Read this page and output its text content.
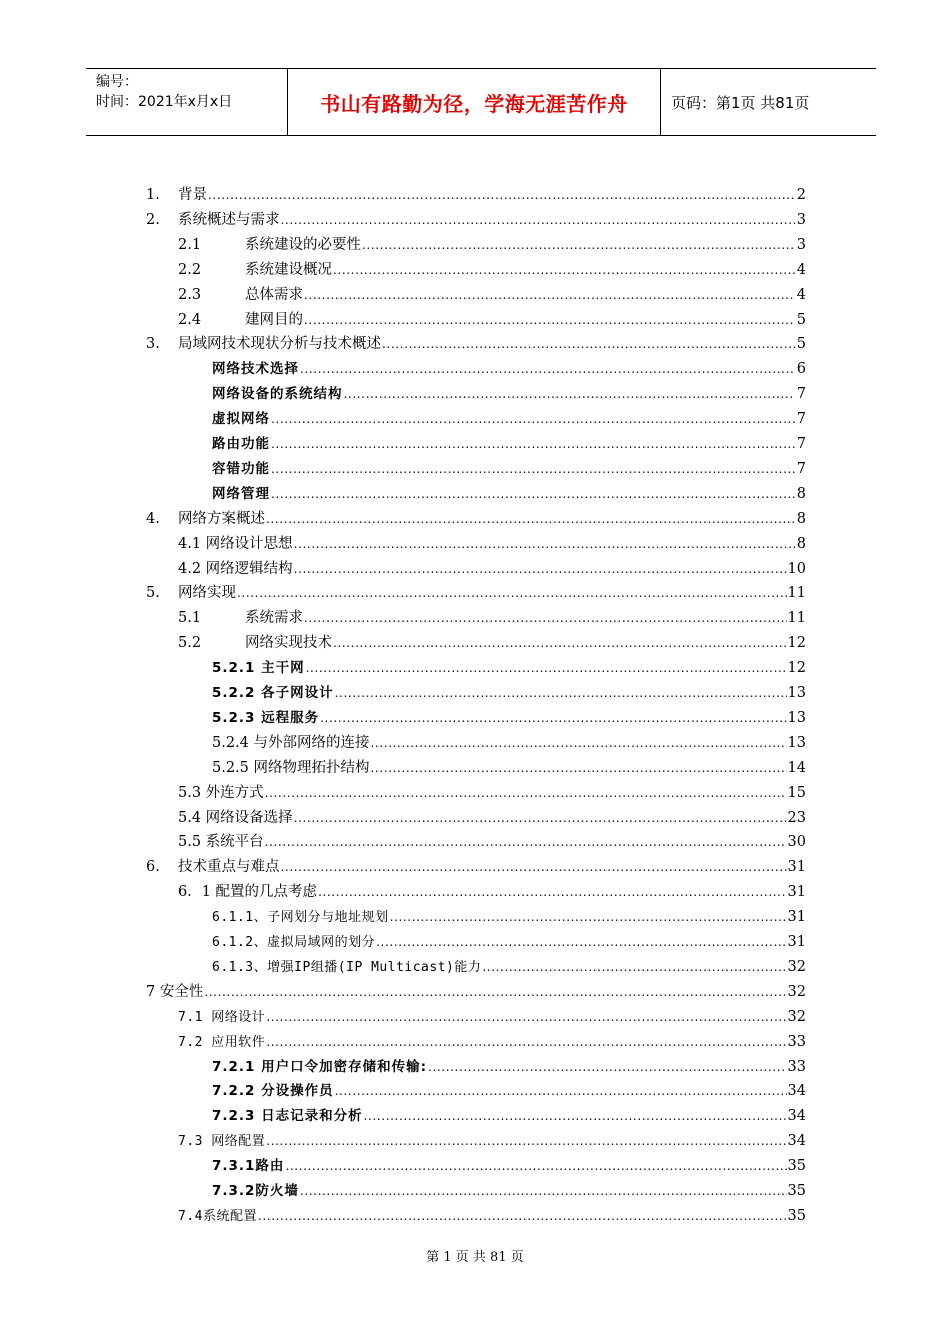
编号：
时间：2021年x月x日	书山有路勤为径，学海无涯苦作舟	页码：第1页 共81页
1.	背景 .....	2
2.	系统概述与需求 .....	3
2.1	系统建设的必要性 .....	3
2.2	系统建设概况 .....	4
2.3	总体需求 .....	4
2.4	建网目的 .....	5
3.	局域网技术现状分析与技术概述 .....	5
网络技术选择 .....	6
网络设备的系统结构 .....	7
虚拟网络 .....	7
路由功能 .....	7
容错功能 .....	7
网络管理 .....	8
4.	网络方案概述 .....	8
4.1 网络设计思想 .....	8
4.2 网络逻辑结构 .....	10
5.	网络实现 .....	11
5.1	系统需求 .....	11
5.2	网络实现技术 .....	12
5.2.1 主干网 .....	12
5.2.2 各子网设计 .....	13
5.2.3 远程服务 .....	13
5.2.4 与外部网络的连接 .....	13
5.2.5 网络物理拓扑结构 .....	14
5.3 外连方式 .....	15
5.4 网络设备选择 .....	23
5.5 系统平台 .....	30
6.	技术重点与难点 .....	31
6．1 配置的几点考虑 .....	31
6.1.1、子网划分与地址规划 .....	31
6.1.2、虚拟局域网的划分 .....	31
6.1.3、增强IP组播(IP Multicast)能力 .....	32
7 安全性 .....	32
7.1 网络设计 .....	32
7.2 应用软件 .....	33
7.2.1 用户口令加密存储和传输: .....	33
7.2.2 分设操作员 .....	34
7.2.3 日志记录和分析 .....	34
7.3 网络配置 .....	34
7.3.1路由 .....	35
7.3.2防火墙 .....	35
7.4系统配置 .....	35
第 1 页 共 81 页
